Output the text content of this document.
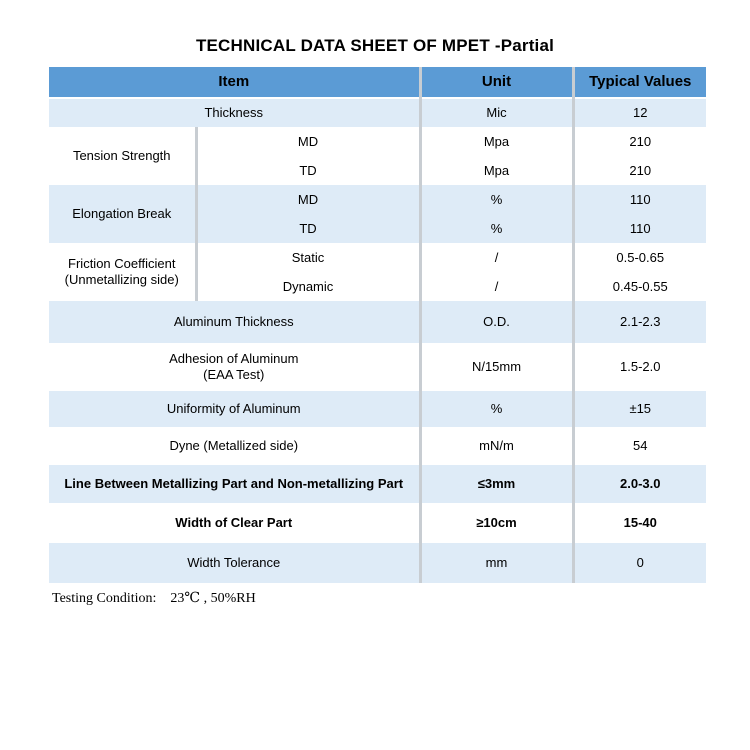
TECHNICAL DATA SHEET OF MPET -Partial
Item		Unit	Typical Values
Thickness		Mic	12
Tension Strength	MD	Mpa	210
	TD	Mpa	210
Elongation Break	MD	%	110
	TD	%	110

Friction Coefficient
(Unmetallizing side)	Static	/	0.5-0.65
	Dynamic	/	0.45-0.55
Aluminum Thickness		O.D.	2.1-2.3

Adhesion of Aluminum
(EAA Test)		N/15mm	1.5-2.0
Uniformity of Aluminum		%	±15
Dyne (Metallized side)		mN/m	54
Line Between Metallizing Part and Non-metallizing Part		≤3mm	2.0-3.0
Width of Clear Part		≥10cm	15-40
Width Tolerance		mm	0
Testing Condition: 23℃ , 50%RH
